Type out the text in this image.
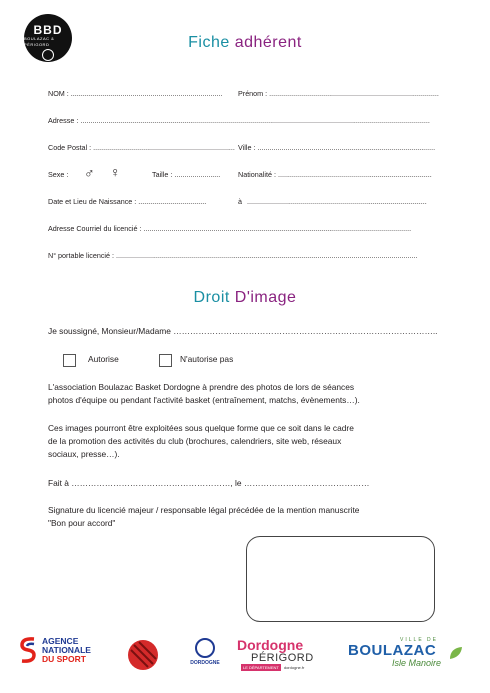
BBD
BOULAZAC & PÉRIGORD	Fiche adhérent
NOM : ............................................................................ Prénom : .....................................................................................
Adresse : ...............................................................................................................................................................................
Code Postal : ....................................................................... Ville : .........................................................................................
Sexe : ♂ ♀	Taille : ....................... Nationalité : .............................................................................
Date et Lieu de Naissance : ..................................	à ..........................................................................................
Adresse Courriel du licencié : ......................................................................................................................................
N° portable licencié : .......................................................................................................................................................
Droit D'image
Je soussigné, Monsieur/Madame …………………………………………………………………………………..
Autorise	N'autorise pas
L'association Boulazac Basket Dordogne à prendre des photos de lors de séances
photos d'équipe ou pendant l'activité basket (entraînement, matchs, évènements…).
Ces images pourront être exploitées sous quelque forme que ce soit dans le cadre
de la promotion des activités du club (brochures, calendriers, site web, réseaux
sociaux, presse…).
Fait à …………………………………………………, le ………………………………………
Signature du licencié majeur / responsable légal précédée de la mention manuscrite
"Bon pour accord"
AGENCE
NATIONALE
DU SPORT	DORDOGNE
Dordogne
PÉRIGORD
LE DÉPARTEMENT	dordogne.fr
VILLE DE
BOULAZAC
Isle Manoire
